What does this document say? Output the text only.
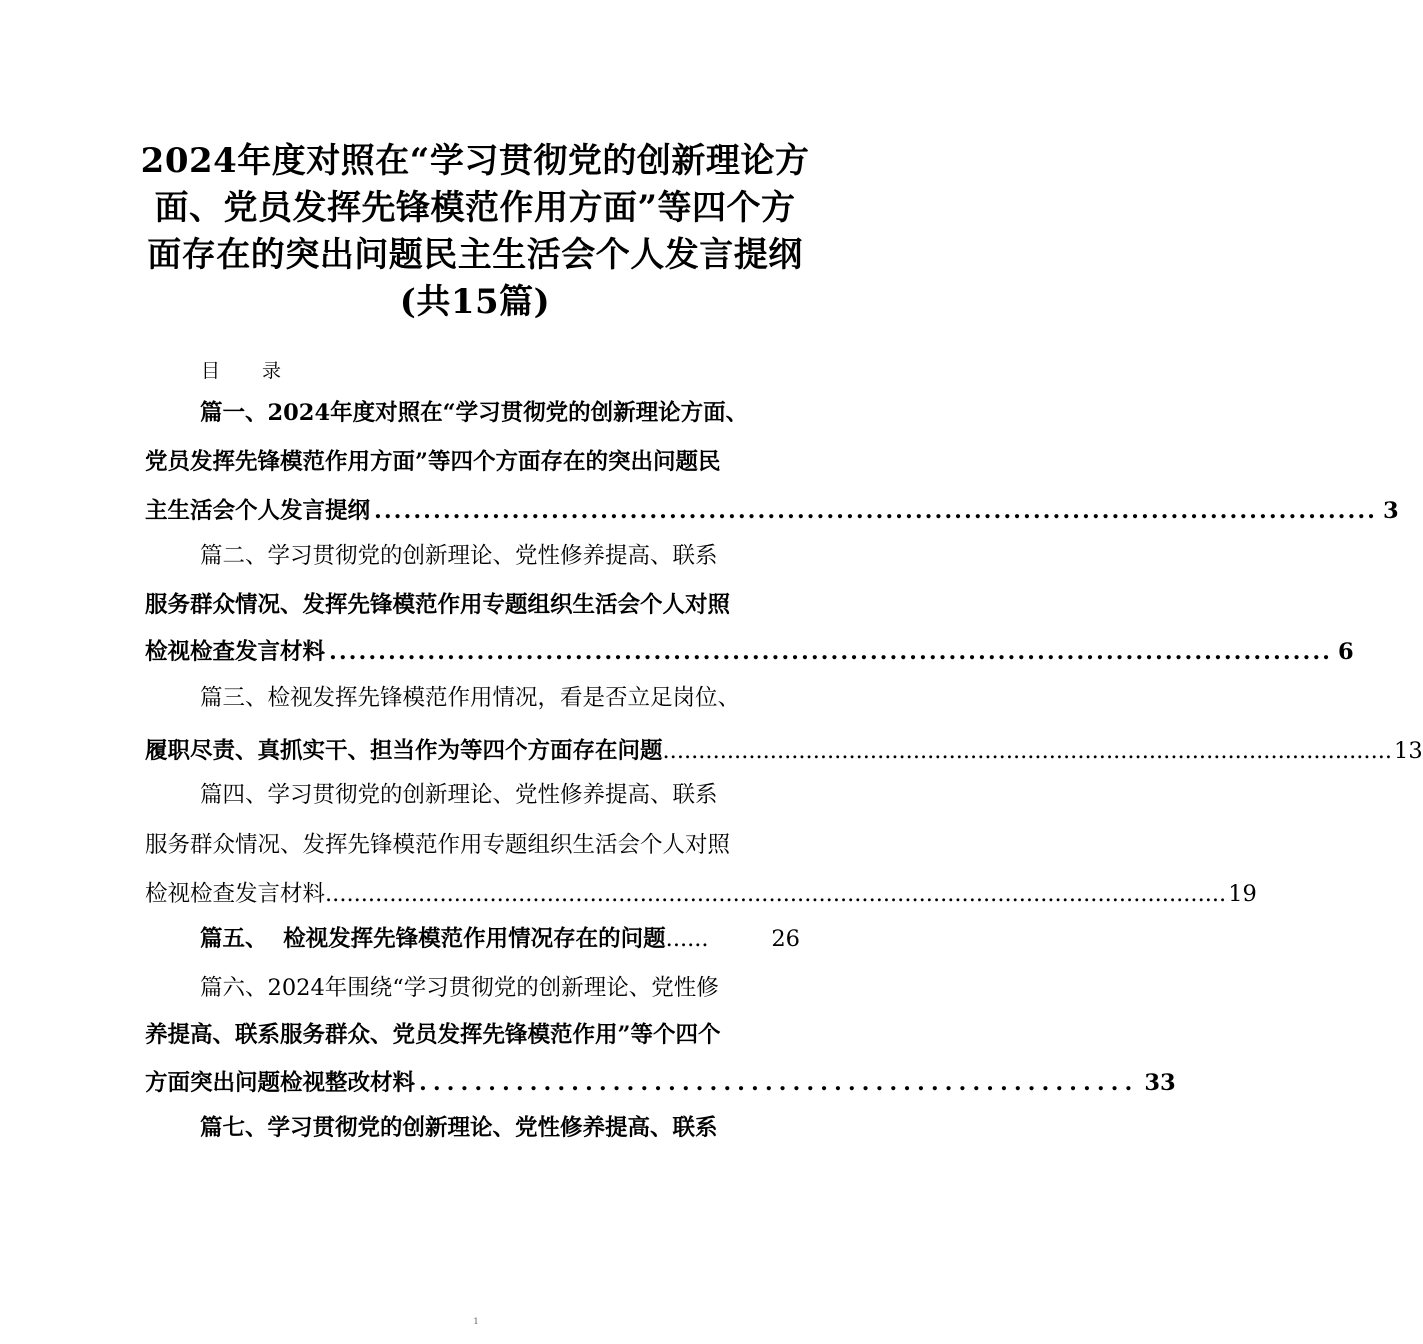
2024年度对照在“学习贯彻党的创新理论方面、党员发挥先锋模范作用方面”等四个方面存在的突出问题民主生活会个人发言提纲(共15篇)
目 录
篇一、2024年度对照在“学习贯彻党的创新理论方面、
党员发挥先锋模范作用方面”等四个方面存在的突出问题民
主生活会个人发言提纲 ...................................................................................................... 3
篇二、学习贯彻党的创新理论、党性修养提高、联系
服务群众情况、发挥先锋模范作用专题组织生活会个人对照
检视检查发言材料 ...................................................................................................... 6
篇三、检视发挥先锋模范作用情况，看是否立足岗位、
履职尽责、真抓实干、担当作为等四个方面存在问题 ...................................................................................................... 13
篇四、学习贯彻党的创新理论、党性修养提高、联系
服务群众情况、发挥先锋模范作用专题组织生活会个人对照
检视检查发言材料 .............................................................................................................................. 19
篇五、  检视发挥先锋模范作用情况存在的问题 ......	26
篇六、2024年围绕“学习贯彻党的创新理论、党性修
养提高、联系服务群众、党员发挥先锋模范作用”等个四个
方面突出问题检视整改材料 .................................................... 33
篇七、学习贯彻党的创新理论、党性修养提高、联系
1
